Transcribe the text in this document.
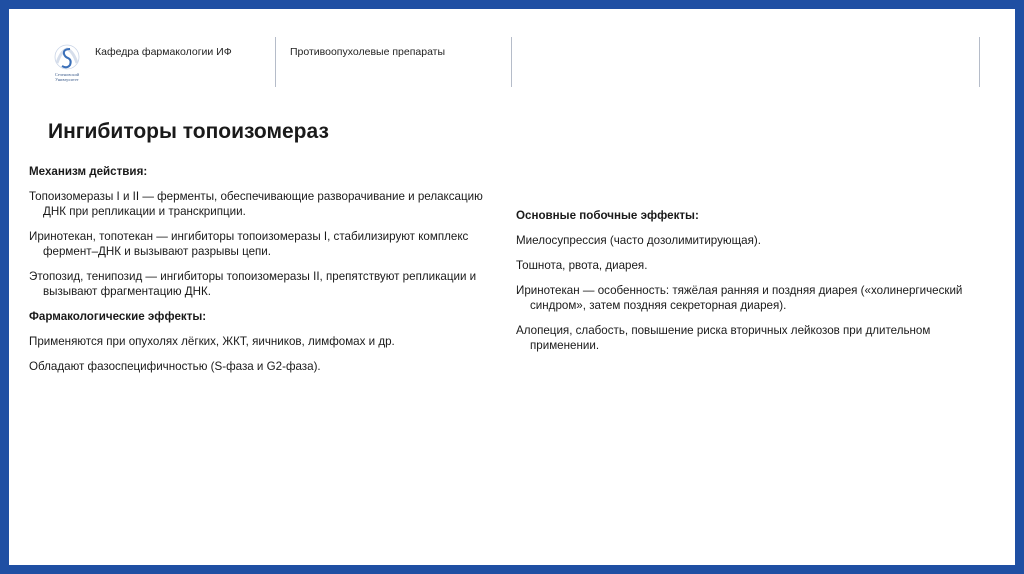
Сеченовский
Университет
Кафедра фармакологии ИФ	Противоопухолевые препараты
Ингибиторы топоизомераз

Механизм действия:

Топоизомеразы I и II — ферменты, обеспечивающие разворачивание и релаксацию ДНК при репликации и транскрипции.

Иринотекан, топотекан — ингибиторы топоизомеразы I, стабилизируют комплекс фермент–ДНК и вызывают разрывы цепи.

Этопозид, тенипозид — ингибиторы топоизомеразы II, препятствуют репликации и вызывают фрагментацию ДНК.

Фармакологические эффекты:

Применяются при опухолях лёгких, ЖКТ, яичников, лимфомах и др.

Обладают фазоспецифичностью (S-фаза и G2-фаза).

Основные побочные эффекты:

Миелосупрессия (часто дозолимитирующая).

Тошнота, рвота, диарея.

Иринотекан — особенность: тяжёлая ранняя и поздняя диарея («холинергический синдром», затем поздняя секреторная диарея).

Алопеция, слабость, повышение риска вторичных лейкозов при длительном применении.
